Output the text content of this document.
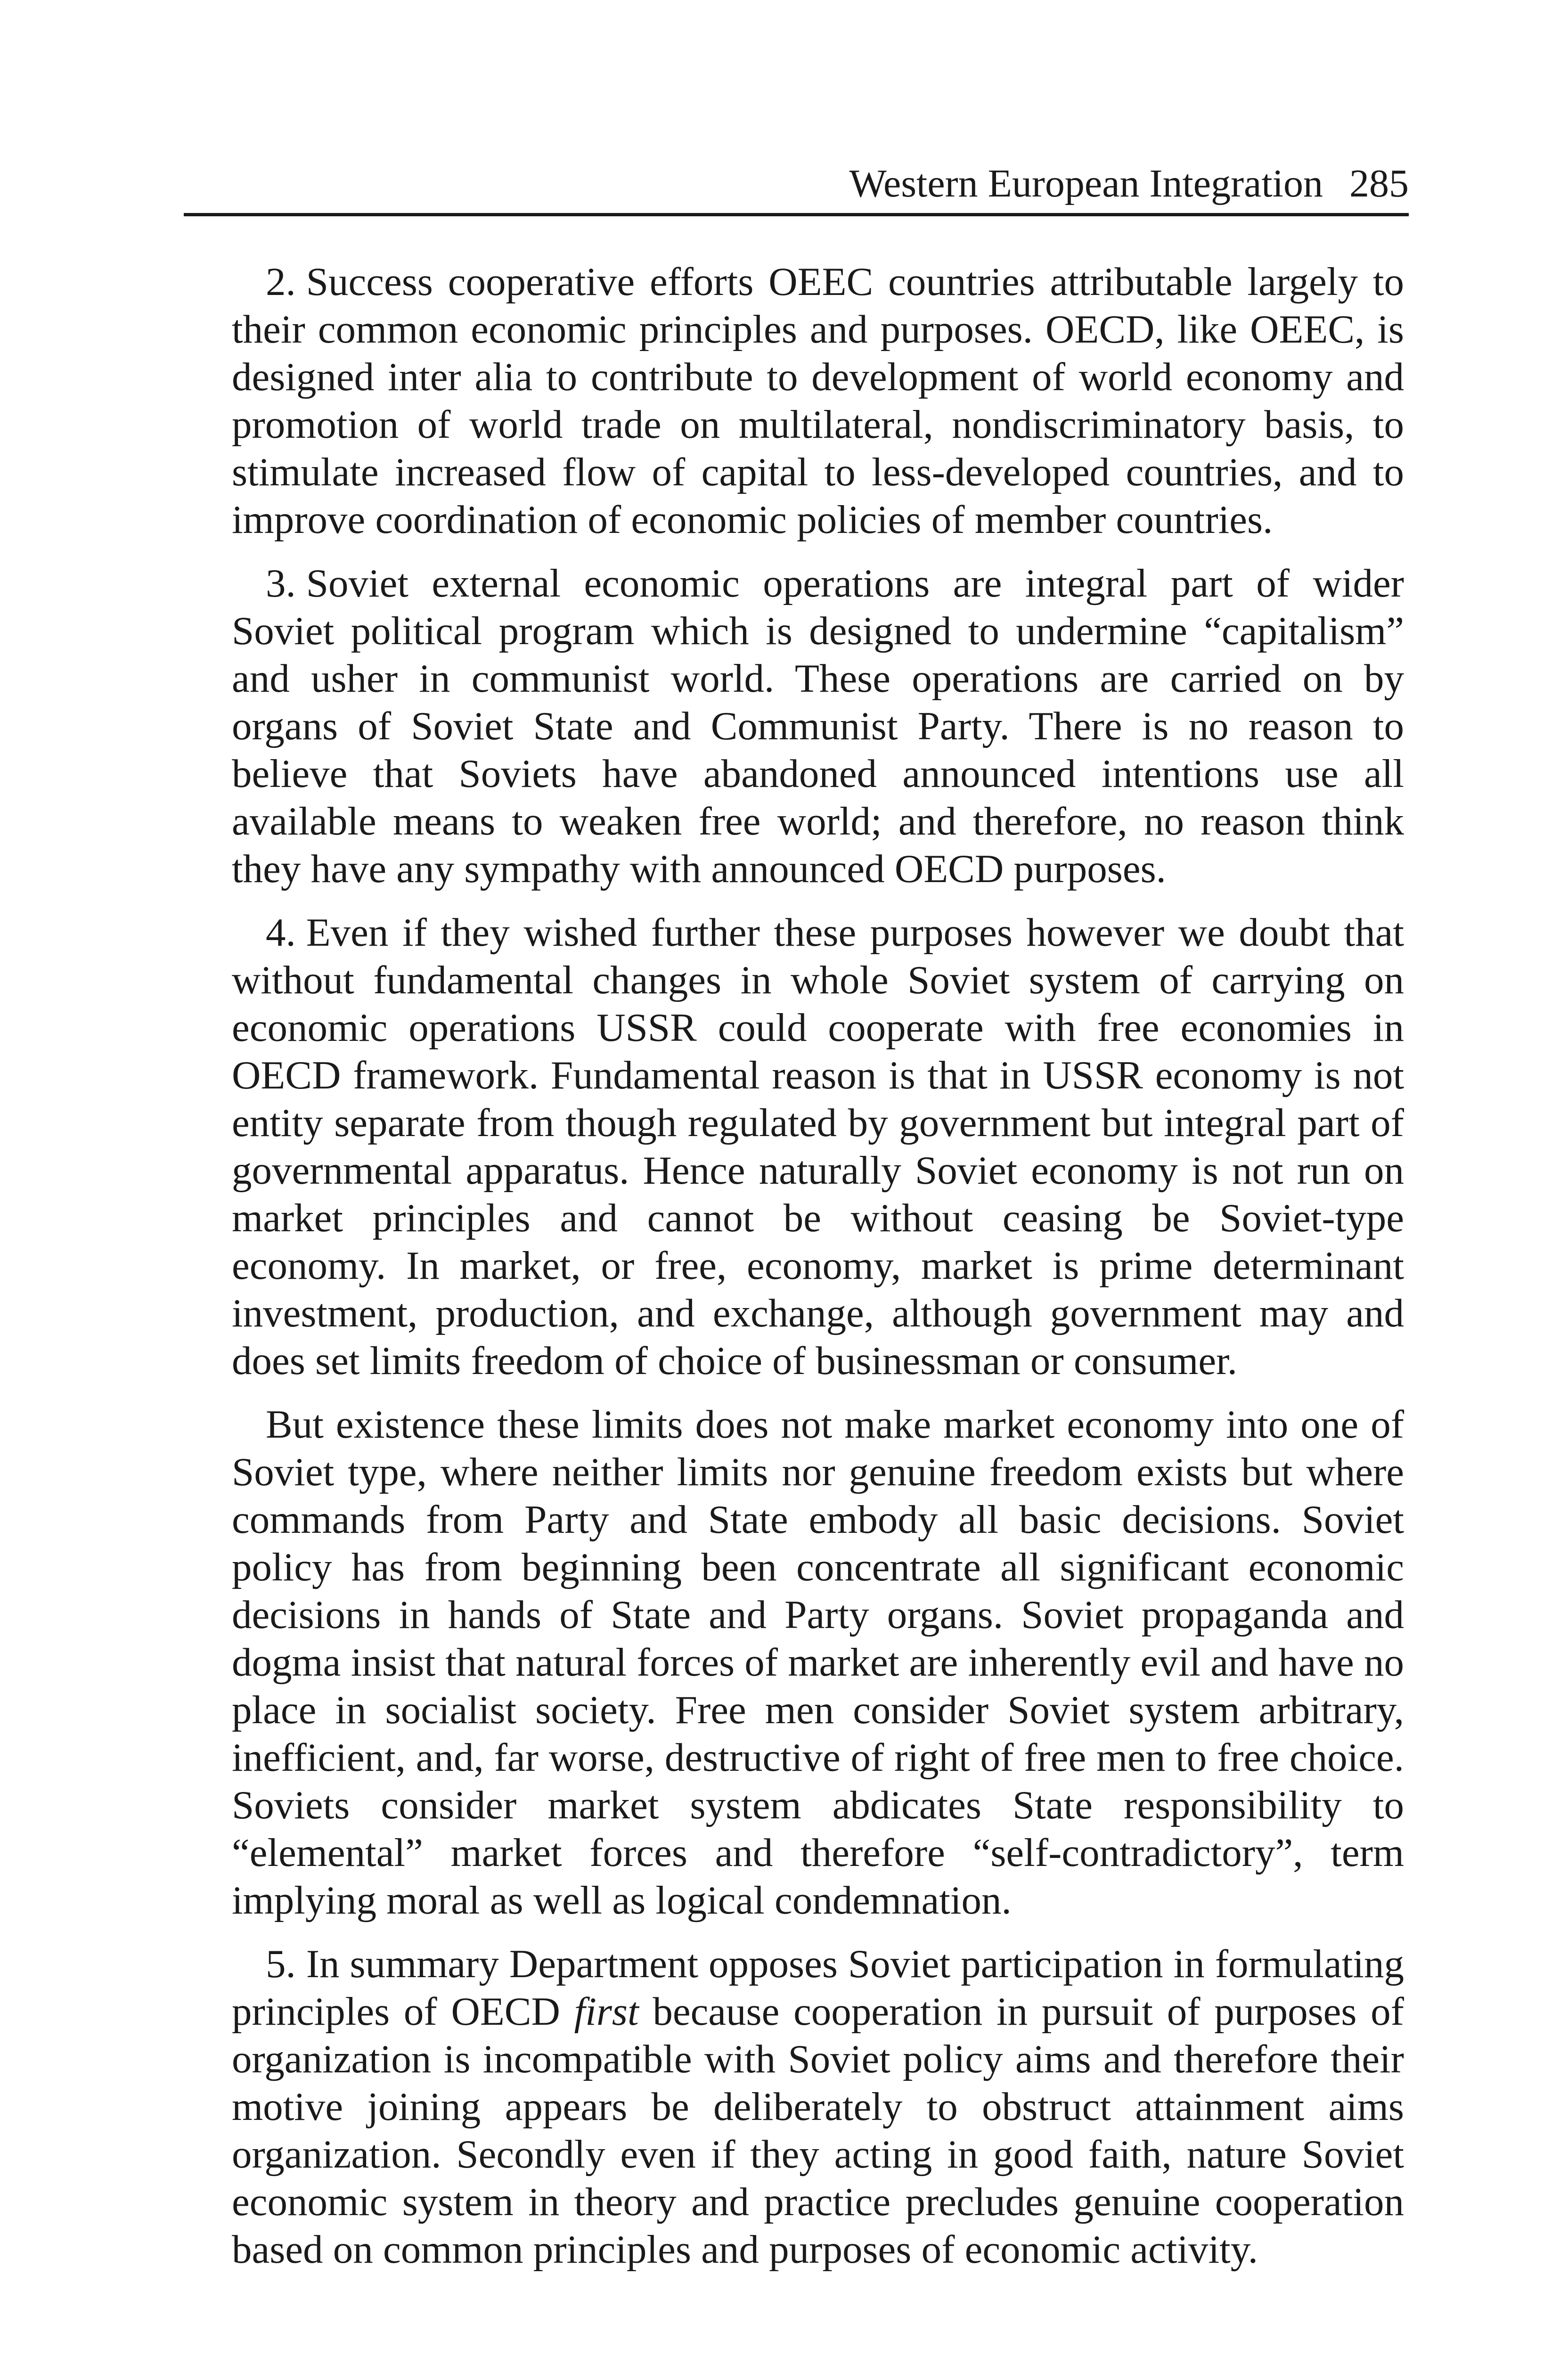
Western European Integration 285

2. Success cooperative efforts OEEC countries attributable largely to their common economic principles and purposes. OECD, like OEEC, is designed inter alia to contribute to development of world economy and promotion of world trade on multilateral, nondiscriminatory basis, to stimulate increased flow of capital to less-developed countries, and to improve coordination of economic policies of member countries.

3. Soviet external economic operations are integral part of wider Soviet political program which is designed to undermine “capitalism” and usher in communist world. These operations are carried on by organs of Soviet State and Communist Party. There is no reason to believe that Soviets have abandoned announced intentions use all available means to weaken free world; and therefore, no reason think they have any sympathy with announced OECD purposes.

4. Even if they wished further these purposes however we doubt that without fundamental changes in whole Soviet system of carrying on economic operations USSR could cooperate with free economies in OECD framework. Fundamental reason is that in USSR economy is not entity separate from though regulated by government but integral part of governmental apparatus. Hence naturally Soviet economy is not run on market principles and cannot be without ceasing be Soviet-type economy. In market, or free, economy, market is prime determinant investment, production, and exchange, although government may and does set limits freedom of choice of businessman or consumer.

But existence these limits does not make market economy into one of Soviet type, where neither limits nor genuine freedom exists but where commands from Party and State embody all basic decisions. Soviet policy has from beginning been concentrate all significant economic decisions in hands of State and Party organs. Soviet propaganda and dogma insist that natural forces of market are inherently evil and have no place in socialist society. Free men consider Soviet system arbitrary, inefficient, and, far worse, destructive of right of free men to free choice. Soviets consider market system abdicates State responsibility to “elemental” market forces and therefore “self-contradictory”, term implying moral as well as logical condemnation.

5. In summary Department opposes Soviet participation in formulating principles of OECD first because cooperation in pursuit of purposes of organization is incompatible with Soviet policy aims and therefore their motive joining appears be deliberately to obstruct attainment aims organization. Secondly even if they acting in good faith, nature Soviet economic system in theory and practice precludes genuine cooperation based on common principles and purposes of economic activity.
